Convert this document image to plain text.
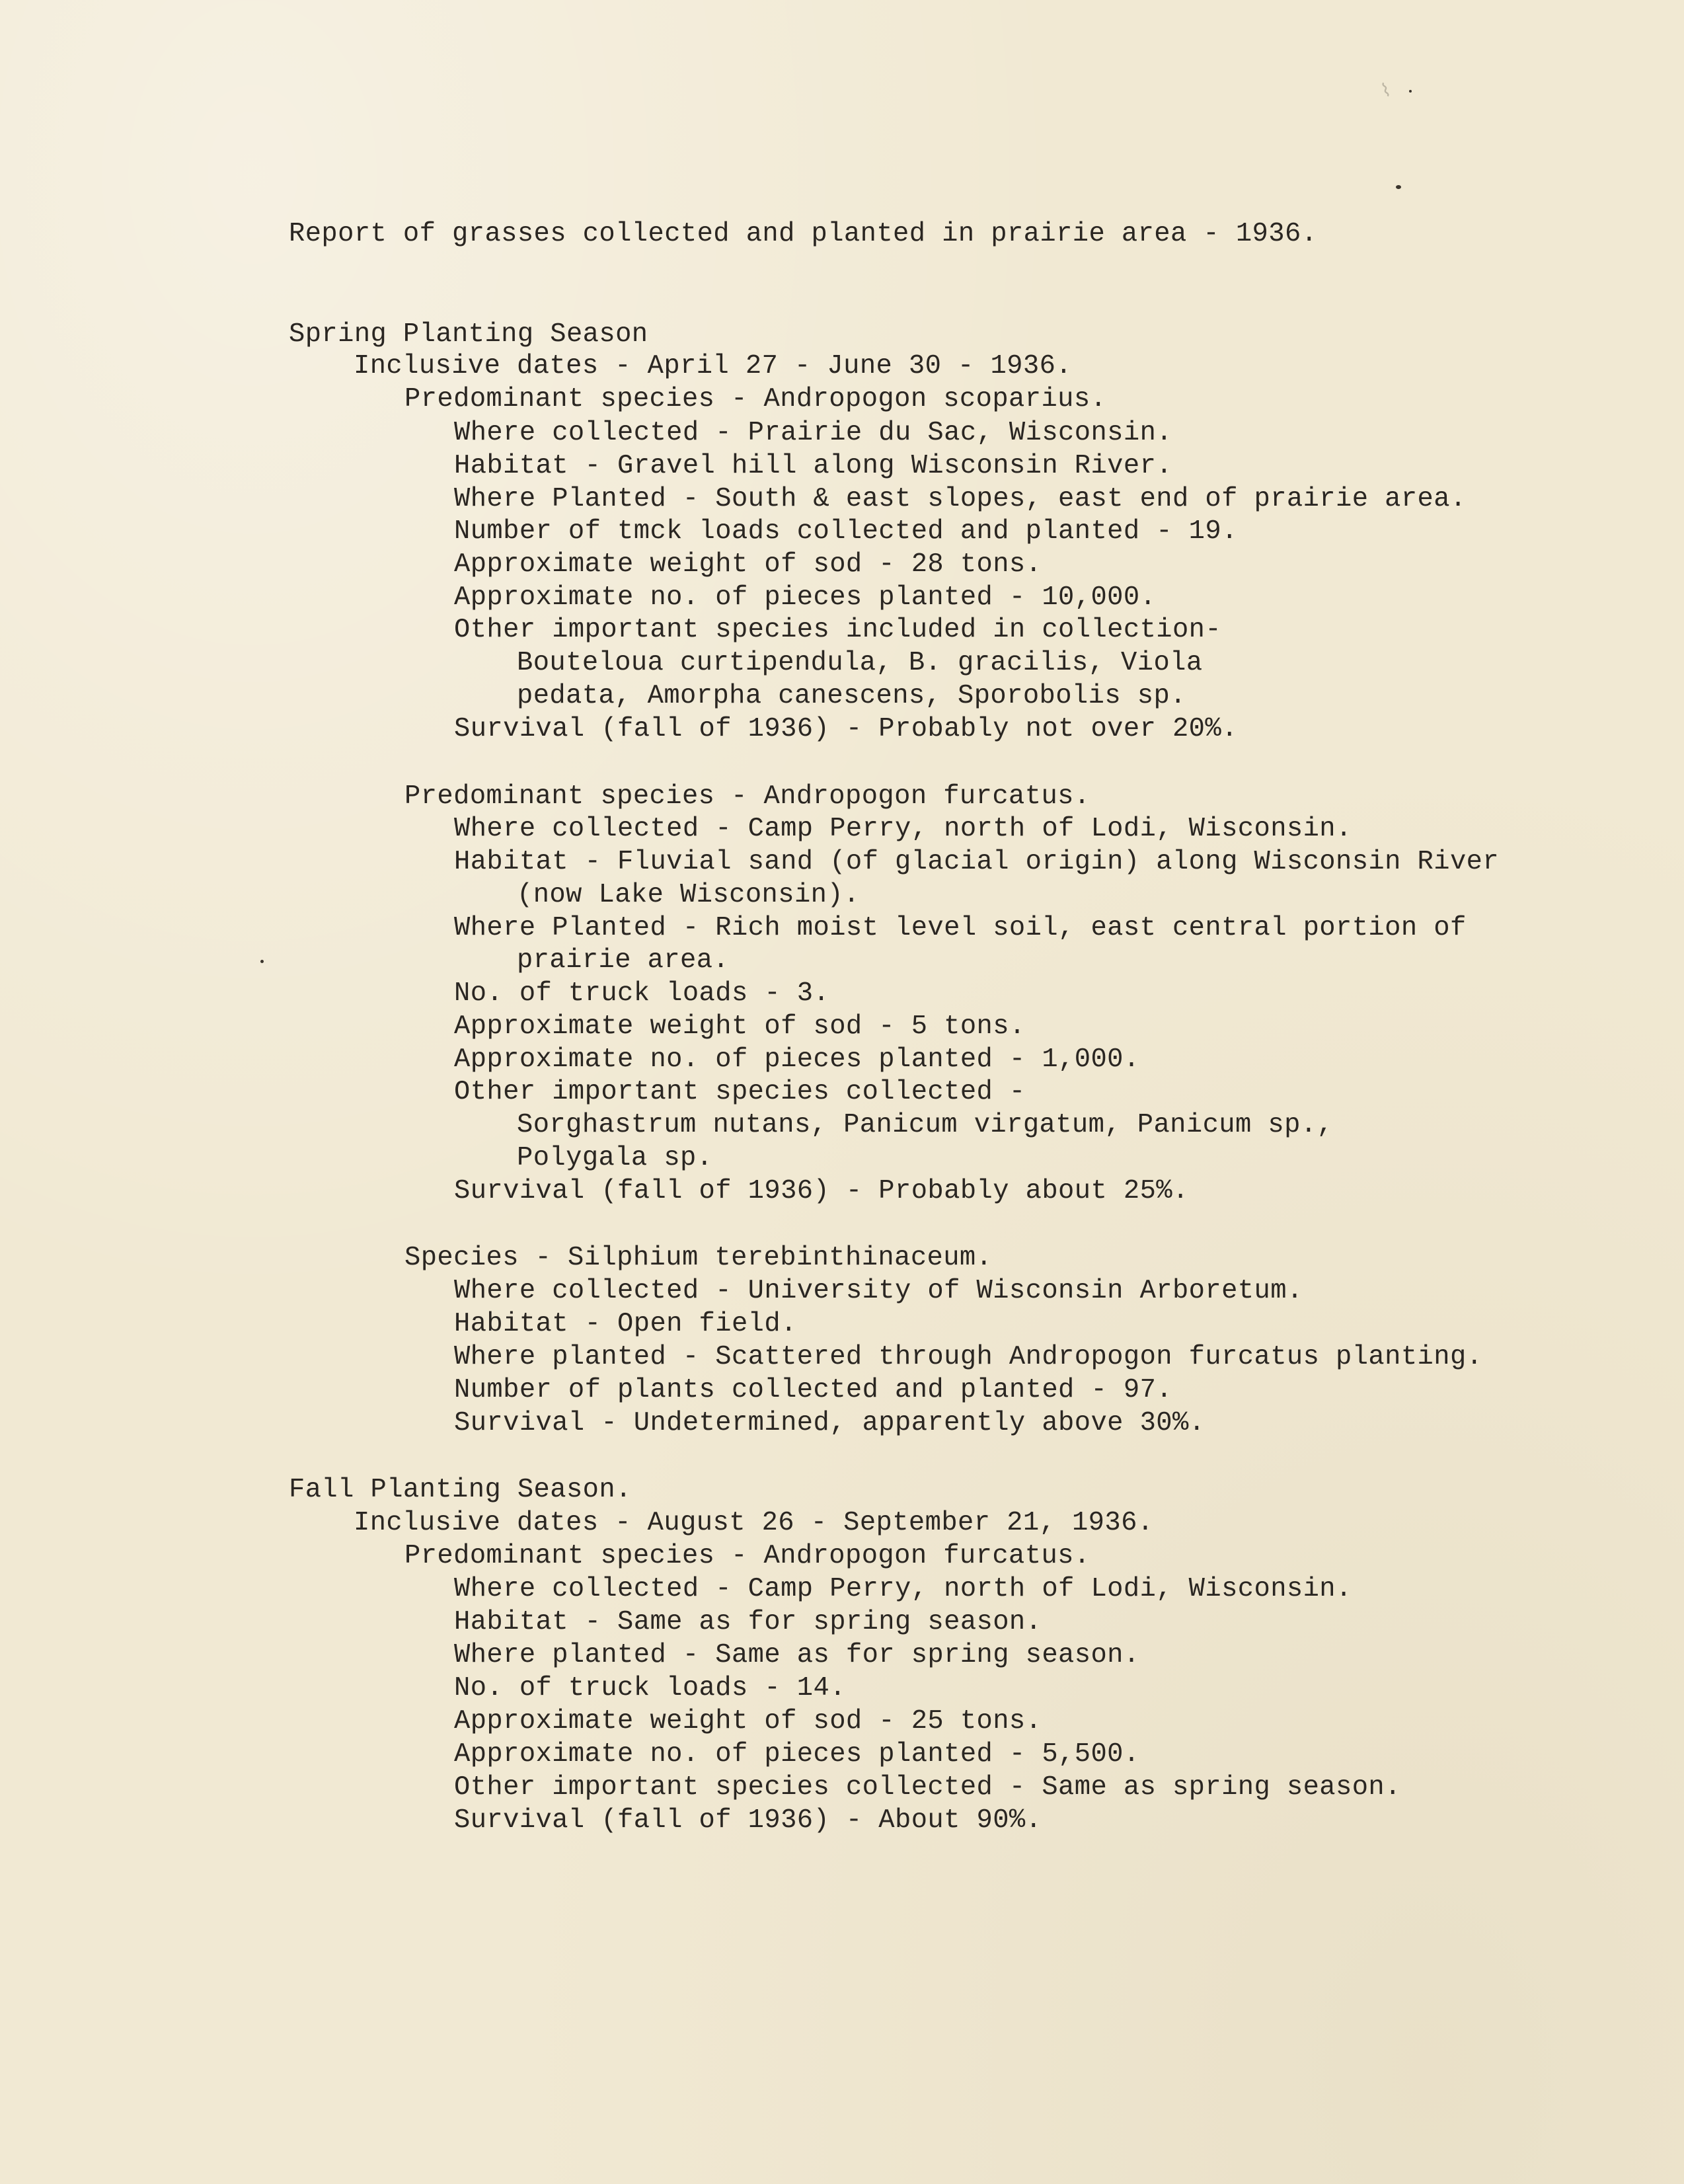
⌇
Report of grasses collected and planted in prairie area - 1936.
Spring Planting Season
Inclusive dates - April 27 - June 30 - 1936.
Predominant species - Andropogon scoparius.
Where collected - Prairie du Sac, Wisconsin.
Habitat - Gravel hill along Wisconsin River.
Where Planted - South & east slopes, east end of prairie area.
Number of tmck loads collected and planted - 19.
Approximate weight of sod - 28 tons.
Approximate no. of pieces planted - 10,000.
Other important species included in collection-
Bouteloua curtipendula, B. gracilis, Viola
pedata, Amorpha canescens, Sporobolis sp.
Survival (fall of 1936) - Probably not over 20%.
Predominant species - Andropogon furcatus.
Where collected - Camp Perry, north of Lodi, Wisconsin.
Habitat - Fluvial sand (of glacial origin) along Wisconsin River
(now Lake Wisconsin).
Where Planted - Rich moist level soil, east central portion of
prairie area.
No. of truck loads - 3.
Approximate weight of sod - 5 tons.
Approximate no. of pieces planted - 1,000.
Other important species collected -
Sorghastrum nutans, Panicum virgatum, Panicum sp.,
Polygala sp.
Survival (fall of 1936) - Probably about 25%.
Species - Silphium terebinthinaceum.
Where collected - University of Wisconsin Arboretum.
Habitat - Open field.
Where planted - Scattered through Andropogon furcatus planting.
Number of plants collected and planted - 97.
Survival - Undetermined, apparently above 30%.
Fall Planting Season.
Inclusive dates - August 26 - September 21, 1936.
Predominant species - Andropogon furcatus.
Where collected - Camp Perry, north of Lodi, Wisconsin.
Habitat - Same as for spring season.
Where planted - Same as for spring season.
No. of truck loads - 14.
Approximate weight of sod - 25 tons.
Approximate no. of pieces planted - 5,500.
Other important species collected - Same as spring season.
Survival (fall of 1936) - About 90%.
